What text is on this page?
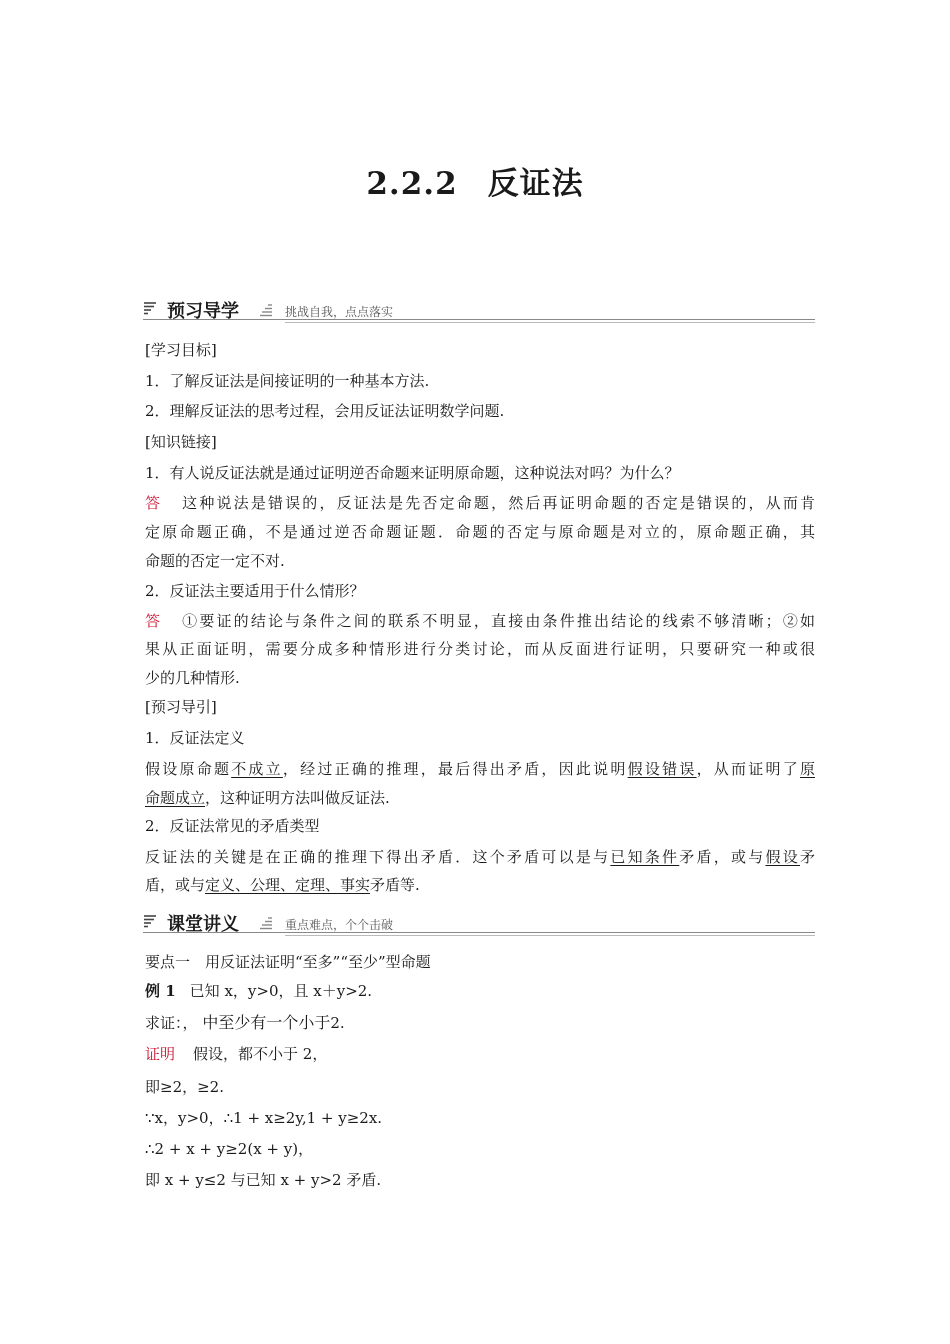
2.2.2 反证法
预习导学	挑战自我，点点落实
[学习目标]
1．了解反证法是间接证明的一种基本方法.
2．理解反证法的思考过程，会用反证法证明数学问题.
[知识链接]
1．有人说反证法就是通过证明逆否命题来证明原命题，这种说法对吗？为什么？
答 这种说法是错误的，反证法是先否定命题，然后再证明命题的否定是错误的，从而肯
定原命题正确，不是通过逆否命题证题．命题的否定与原命题是对立的，原命题正确，其
命题的否定一定不对.
2．反证法主要适用于什么情形？
答 ①要证的结论与条件之间的联系不明显，直接由条件推出结论的线索不够清晰；②如
果从正面证明，需要分成多种情形进行分类讨论，而从反面进行证明，只要研究一种或很
少的几种情形.
[预习导引]
1．反证法定义
假设原命题不成立，经过正确的推理，最后得出矛盾，因此说明假设错误，从而证明了原
命题成立，这种证明方法叫做反证法.
2．反证法常见的矛盾类型
反证法的关键是在正确的推理下得出矛盾．这个矛盾可以是与已知条件矛盾，或与假设矛
盾，或与定义、公理、定理、事实矛盾等.
课堂讲义	重点难点，个个击破
要点一　用反证法证明“至多”“至少”型命题
例 1 已知 x，y>0，且 x＋y>2.
求证：， 中至少有一个小于2.
证明 假设，都不小于 2，
即≥2，≥2.
∵x，y>0，∴1 + x≥2y,1 + y≥2x.
∴2 + x + y≥2(x + y)，
即 x + y≤2 与已知 x + y>2 矛盾.
